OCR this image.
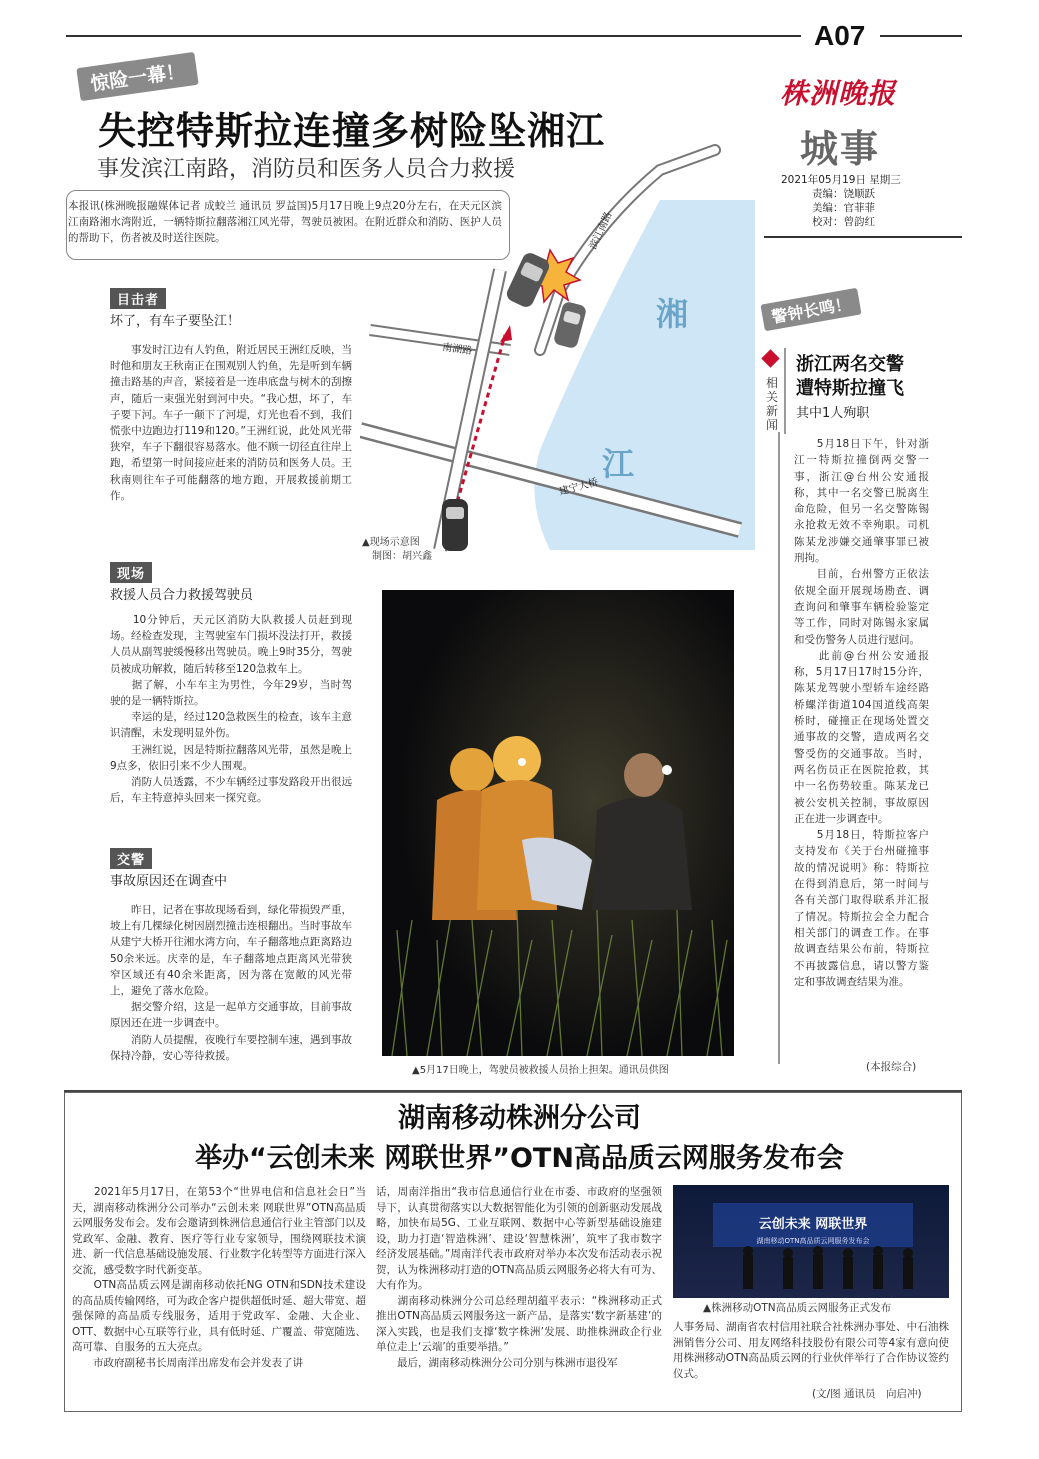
A07
株洲晚报
城事
2021年05月19日 星期三
责编：饶顺跃
美编：官菲菲
校对：曾韵红
惊险一幕！
失控特斯拉连撞多树险坠湘江
事发滨江南路，消防员和医务人员合力救援
本报讯(株洲晚报融媒体记者 成蛟兰 通讯员 罗益国)5月17日晚上9点20分左右，在天元区滨江南路湘水湾附近，一辆特斯拉翻落湘江风光带，驾驶员被困。在附近群众和消防、医护人员的帮助下，伤者被及时送往医院。	滨江南路
南湖路
建宁大桥
湘
江
▲现场示意图
制图：胡兴鑫
目击者
坏了，有车子要坠江！
　　事发时江边有人钓鱼，附近居民王洲红反映，当时他和朋友王秋南正在围观别人钓鱼，先是听到车辆撞击路基的声音，紧接着是一连串底盘与树木的刮擦声，随后一束强光射到河中央。“我心想，坏了，车子要下河。车子一颠下了河堤，灯光也看不到，我们慌张中边跑边打119和120。”王洲红说，此处风光带狭窄，车子下翻很容易落水。他不顾一切径直往岸上跑，希望第一时间接应赶来的消防员和医务人员。王秋南则往车子可能翻落的地方跑，开展救援前期工作。
现场
救援人员合力救援驾驶员
　　10分钟后，天元区消防大队救援人员赶到现场。经检查发现，主驾驶室车门损坏没法打开，救援人员从副驾驶缓慢移出驾驶员。晚上9时35分，驾驶员被成功解救，随后转移至120急救车上。
　　据了解，小车车主为男性，今年29岁，当时驾驶的是一辆特斯拉。
　　幸运的是，经过120急救医生的检查，该车主意识清醒，未发现明显外伤。
　　王洲红说，因是特斯拉翻落风光带，虽然是晚上9点多，依旧引来不少人围观。
　　消防人员透露，不少车辆经过事发路段开出很远后，车主特意掉头回来一探究竟。
交警
事故原因还在调查中
　　昨日，记者在事故现场看到，绿化带损毁严重，坡上有几棵绿化树因剧烈撞击连根翻出。当时事故车从建宁大桥开往湘水湾方向，车子翻落地点距离路边50余米远。庆幸的是，车子翻落地点距离风光带狭窄区域还有40余米距离，因为落在宽敞的风光带上，避免了落水危险。
　　据交警介绍，这是一起单方交通事故，目前事故原因还在进一步调查中。
　　消防人员提醒，夜晚行车要控制车速，遇到事故保持冷静，安心等待救援。
▲5月17日晚上，驾驶员被救援人员抬上担架。通讯员供图
警钟长鸣！
相关新闻
浙江两名交警
遭特斯拉撞飞
其中1人殉职
　　5月18日下午，针对浙江一特斯拉撞倒两交警一事，浙江@台州公安通报称，其中一名交警已脱离生命危险，但另一名交警陈锡永抢救无效不幸殉职。司机陈某龙涉嫌交通肇事罪已被刑拘。
　　目前，台州警方正依法依规全面开展现场勘查、调查询问和肇事车辆检验鉴定等工作，同时对陈锡永家属和受伤警务人员进行慰问。
　　此前@台州公安通报称，5月17日17时15分许，陈某龙驾驶小型轿车途经路桥螺洋街道104国道线高架桥时，碰撞正在现场处置交通事故的交警，造成两名交警受伤的交通事故。当时，两名伤员正在医院抢救，其中一名伤势较重。陈某龙已被公安机关控制，事故原因正在进一步调查中。
　　5月18日，特斯拉客户支持发布《关于台州碰撞事故的情况说明》称：特斯拉在得到消息后，第一时间与各有关部门取得联系并汇报了情况。特斯拉会全力配合相关部门的调查工作。在事故调查结果公布前，特斯拉不再披露信息，请以警方鉴定和事故调查结果为准。
(本报综合)
湖南移动株洲分公司
举办“云创未来 网联世界”OTN高品质云网服务发布会
　　2021年5月17日，在第53个“世界电信和信息社会日”当天，湖南移动株洲分公司举办“云创未来 网联世界”OTN高品质云网服务发布会。发布会邀请到株洲信息通信行业主管部门以及党政军、金融、教育、医疗等行业专家领导，围绕网联技术演进、新一代信息基础设施发展、行业数字化转型等方面进行深入交流，感受数字时代新变革。
　　OTN高品质云网是湖南移动依托NG OTN和SDN技术建设的高品质传输网络，可为政企客户提供超低时延、超大带宽、超强保障的高品质专线服务，适用于党政军、金融、大企业、OTT、数据中心互联等行业，具有低时延、广覆盖、带宽随选、高可靠、自服务的五大亮点。
　　市政府副秘书长周南洋出席发布会并发表了讲
话，周南洋指出“我市信息通信行业在市委、市政府的坚强领导下，认真贯彻落实以大数据智能化为引领的创新驱动发展战略，加快布局5G、工业互联网、数据中心等新型基础设施建设，助力打造‘智造株洲’、建设‘智慧株洲’，筑牢了我市数字经济发展基础。”周南洋代表市政府对举办本次发布活动表示祝贺，认为株洲移动打造的OTN高品质云网服务必将大有可为、大有作为。
　　湖南移动株洲分公司总经理胡蕴平表示：“株洲移动正式推出OTN高品质云网服务这一新产品，是落实‘数字新基建’的深入实践，也是我们支撑‘数字株洲’发展、助推株洲政企行业单位走上‘云端’的重要举措。”
　　最后，湖南移动株洲分公司分别与株洲市退役军
云创未来 网联世界
湖南移动OTN高品质云网服务发布会
▲株洲移动OTN高品质云网服务正式发布
人事务局、湖南省农村信用社联合社株洲办事处、中石油株洲销售分公司、用友网络科技股份有限公司等4家有意向使用株洲移动OTN高品质云网的行业伙伴举行了合作协议签约仪式。
(文/图 通讯员　向启冲)
